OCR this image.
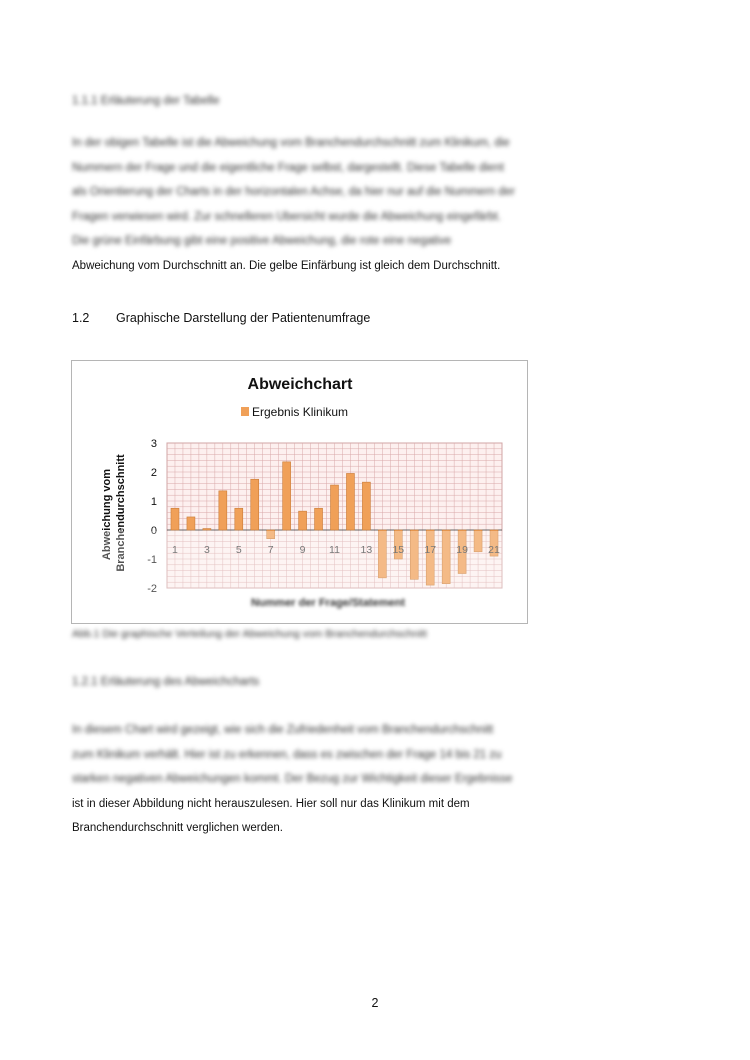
1.1.1 Erläuterung der Tabelle
In der obigen Tabelle ist die Abweichung vom Branchendurchschnitt zum Klinikum, die
Nummern der Frage und die eigentliche Frage selbst, dargestellt. Diese Tabelle dient
als Orientierung der Charts in der horizontalen Achse, da hier nur auf die Nummern der
Fragen verwiesen wird. Zur schnelleren Übersicht wurde die Abweichung eingefärbt.
Die grüne Einfärbung gibt eine positive Abweichung, die rote eine negative
Abweichung vom Durchschnitt an. Die gelbe Einfärbung ist gleich dem Durchschnitt.
1.2 Graphische Darstellung der Patientenumfrage
Abweichchart
Ergebnis Klinikum
3
2
1
0
-1
-2
1 3 5 7 9 11 13 15 17 19 21
Abweichung vom Branchendurchschnitt
Nummer der Frage/Statement
Abb.1 Die graphische Verteilung der Abweichung vom Branchendurchschnitt
1.2.1 Erläuterung des Abweichcharts
In diesem Chart wird gezeigt, wie sich die Zufriedenheit vom Branchendurchschnitt
zum Klinikum verhält. Hier ist zu erkennen, dass es zwischen der Frage 14 bis 21 zu
starken negativen Abweichungen kommt. Der Bezug zur Wichtigkeit dieser Ergebnisse
ist in dieser Abbildung nicht herauszulesen. Hier soll nur das Klinikum mit dem
Branchendurchschnitt verglichen werden.
2
